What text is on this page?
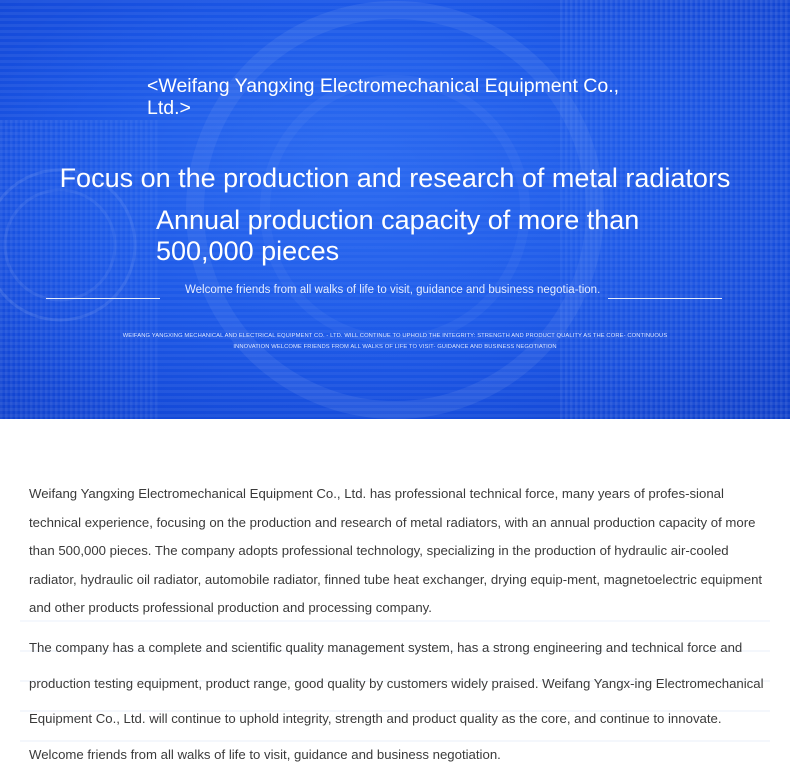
<Weifang Yangxing Electromechanical Equipment Co., Ltd.>
Focus on the production and research of metal radiators
Annual production capacity of more than 500,000 pieces
Welcome friends from all walks of life to visit, guidance and business negotia-tion.
WEIFANG YANGXING MECHANICAL AND ELECTRICAL EQUIPMENT CO. - LTD. WILL CONTINUE TO UPHOLD THE INTEGRITY: STRENGTH AND PRODUCT QUALITY AS THE CORE- CONTINUOUS INNOVATION WELCOME FRIENDS FROM ALL WALKS OF LIFE TO VISIT- GUIDANCE AND BUSINESS NEGOTIATION

Weifang Yangxing Electromechanical Equipment Co., Ltd. has professional technical force, many years of profes-sional technical experience, focusing on the production and research of metal radiators, with an annual production capacity of more than 500,000 pieces. The company adopts professional technology, specializing in the production of hydraulic air-cooled radiator, hydraulic oil radiator, automobile radiator, finned tube heat exchanger, drying equip-ment, magnetoelectric equipment and other products professional production and processing company.

The company has a complete and scientific quality management system, has a strong engineering and technical force and production testing equipment, product range, good quality by customers widely praised. Weifang Yangx-ing Electromechanical Equipment Co., Ltd. will continue to uphold integrity, strength and product quality as the core, and continue to innovate. Welcome friends from all walks of life to visit, guidance and business negotiation.
